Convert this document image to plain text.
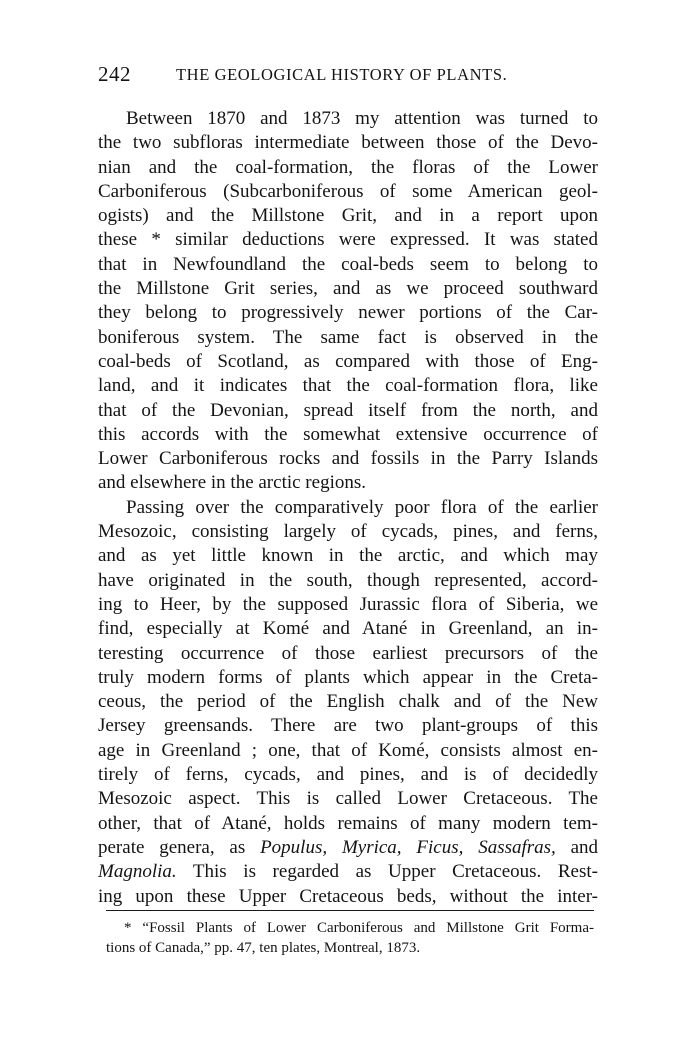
242	THE GEOLOGICAL HISTORY OF PLANTS.
Between 1870 and 1873 my attention was turned to
the two subfloras intermediate between those of the Devo-
nian and the coal-formation, the floras of the Lower
Carboniferous (Subcarboniferous of some American geol-
ogists) and the Millstone Grit, and in a report upon
these * similar deductions were expressed. It was stated
that in Newfoundland the coal-beds seem to belong to
the Millstone Grit series, and as we proceed southward
they belong to progressively newer portions of the Car-
boniferous system. The same fact is observed in the
coal-beds of Scotland, as compared with those of Eng-
land, and it indicates that the coal-formation flora, like
that of the Devonian, spread itself from the north, and
this accords with the somewhat extensive occurrence of
Lower Carboniferous rocks and fossils in the Parry Islands
and elsewhere in the arctic regions.
Passing over the comparatively poor flora of the earlier
Mesozoic, consisting largely of cycads, pines, and ferns,
and as yet little known in the arctic, and which may
have originated in the south, though represented, accord-
ing to Heer, by the supposed Jurassic flora of Siberia, we
find, especially at Komé and Atané in Greenland, an in-
teresting occurrence of those earliest precursors of the
truly modern forms of plants which appear in the Creta-
ceous, the period of the English chalk and of the New
Jersey greensands. There are two plant-groups of this
age in Greenland ; one, that of Komé, consists almost en-
tirely of ferns, cycads, and pines, and is of decidedly
Mesozoic aspect. This is called Lower Cretaceous. The
other, that of Atané, holds remains of many modern tem-
perate genera, as Populus, Myrica, Ficus, Sassafras, and
Magnolia. This is regarded as Upper Cretaceous. Rest-
ing upon these Upper Cretaceous beds, without the inter-
* “Fossil Plants of Lower Carboniferous and Millstone Grit Forma-
tions of Canada,” pp. 47, ten plates, Montreal, 1873.
